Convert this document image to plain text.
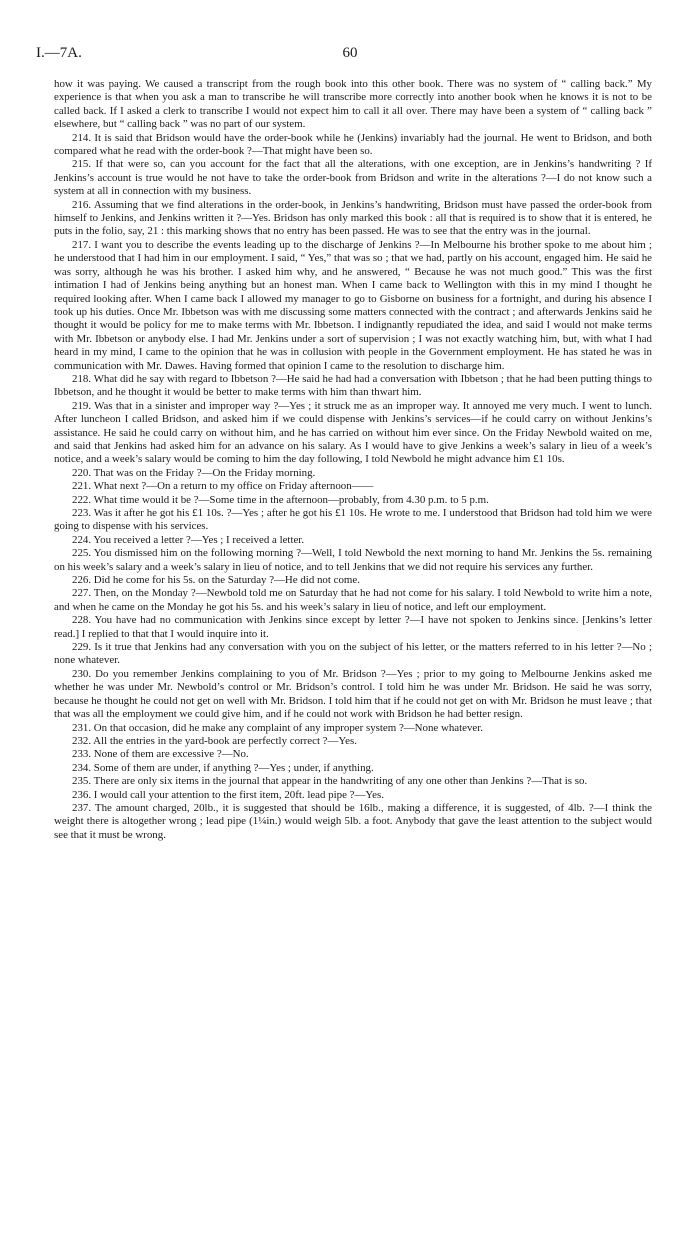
I.—7A.	60

how it was paying. We caused a transcript from the rough book into this other book. There was no system of “ calling back.” My experience is that when you ask a man to transcribe he will transcribe more correctly into another book when he knows it is not to be called back. If I asked a clerk to transcribe I would not expect him to call it all over. There may have been a system of “ calling back ” elsewhere, but “ calling back ” was no part of our system.

214. It is said that Bridson would have the order-book while he (Jenkins) invariably had the journal. He went to Bridson, and both compared what he read with the order-book ?—That might have been so.

215. If that were so, can you account for the fact that all the alterations, with one exception, are in Jenkins’s handwriting ? If Jenkins’s account is true would he not have to take the order-book from Bridson and write in the alterations ?—I do not know such a system at all in connection with my business.

216. Assuming that we find alterations in the order-book, in Jenkins’s handwriting, Bridson must have passed the order-book from himself to Jenkins, and Jenkins written it ?—Yes. Bridson has only marked this book : all that is required is to show that it is entered, he puts in the folio, say, 21 : this marking shows that no entry has been passed. He was to see that the entry was in the journal.

217. I want you to describe the events leading up to the discharge of Jenkins ?—In Melbourne his brother spoke to me about him ; he understood that I had him in our employment. I said, “ Yes,” that was so ; that we had, partly on his account, engaged him. He said he was sorry, although he was his brother. I asked him why, and he answered, “ Because he was not much good.” This was the first intimation I had of Jenkins being anything but an honest man. When I came back to Wellington with this in my mind I thought he required looking after. When I came back I allowed my manager to go to Gisborne on business for a fortnight, and during his absence I took up his duties. Once Mr. Ibbetson was with me discussing some matters connected with the contract ; and afterwards Jenkins said he thought it would be policy for me to make terms with Mr. Ibbetson. I indignantly repudiated the idea, and said I would not make terms with Mr. Ibbetson or anybody else. I had Mr. Jenkins under a sort of supervision ; I was not exactly watching him, but, with what I had heard in my mind, I came to the opinion that he was in collusion with people in the Government employment. He has stated he was in communication with Mr. Dawes. Having formed that opinion I came to the resolution to discharge him.

218. What did he say with regard to Ibbetson ?—He said he had had a conversation with Ibbetson ; that he had been putting things to Ibbetson, and he thought it would be better to make terms with him than thwart him.

219. Was that in a sinister and improper way ?—Yes ; it struck me as an improper way. It annoyed me very much. I went to lunch. After luncheon I called Bridson, and asked him if we could dispense with Jenkins’s services—if he could carry on without Jenkins’s assistance. He said he could carry on without him, and he has carried on without him ever since. On the Friday Newbold waited on me, and said that Jenkins had asked him for an advance on his salary. As I would have to give Jenkins a week’s salary in lieu of a week’s notice, and a week’s salary would be coming to him the day following, I told Newbold he might advance him £1 10s.

220. That was on the Friday ?—On the Friday morning.

221. What next ?—On a return to my office on Friday afternoon——

222. What time would it be ?—Some time in the afternoon—probably, from 4.30 p.m. to 5 p.m.

223. Was it after he got his £1 10s. ?—Yes ; after he got his £1 10s. He wrote to me. I understood that Bridson had told him we were going to dispense with his services.

224. You received a letter ?—Yes ; I received a letter.

225. You dismissed him on the following morning ?—Well, I told Newbold the next morning to hand Mr. Jenkins the 5s. remaining on his week’s salary and a week’s salary in lieu of notice, and to tell Jenkins that we did not require his services any further.

226. Did he come for his 5s. on the Saturday ?—He did not come.

227. Then, on the Monday ?—Newbold told me on Saturday that he had not come for his salary. I told Newbold to write him a note, and when he came on the Monday he got his 5s. and his week’s salary in lieu of notice, and left our employment.

228. You have had no communication with Jenkins since except by letter ?—I have not spoken to Jenkins since. [Jenkins’s letter read.] I replied to that that I would inquire into it.

229. Is it true that Jenkins had any conversation with you on the subject of his letter, or the matters referred to in his letter ?—No ; none whatever.

230. Do you remember Jenkins complaining to you of Mr. Bridson ?—Yes ; prior to my going to Melbourne Jenkins asked me whether he was under Mr. Newbold’s control or Mr. Bridson’s control. I told him he was under Mr. Bridson. He said he was sorry, because he thought he could not get on well with Mr. Bridson. I told him that if he could not get on with Mr. Bridson he must leave ; that that was all the employment we could give him, and if he could not work with Bridson he had better resign.

231. On that occasion, did he make any complaint of any improper system ?—None whatever.

232. All the entries in the yard-book are perfectly correct ?—Yes.

233. None of them are excessive ?—No.

234. Some of them are under, if anything ?—Yes ; under, if anything.

235. There are only six items in the journal that appear in the handwriting of any one other than Jenkins ?—That is so.

236. I would call your attention to the first item, 20ft. lead pipe ?—Yes.

237. The amount charged, 20lb., it is suggested that should be 16lb., making a difference, it is suggested, of 4lb. ?—I think the weight there is altogether wrong ; lead pipe (1¼in.) would weigh 5lb. a foot. Anybody that gave the least attention to the subject would see that it must be wrong.
